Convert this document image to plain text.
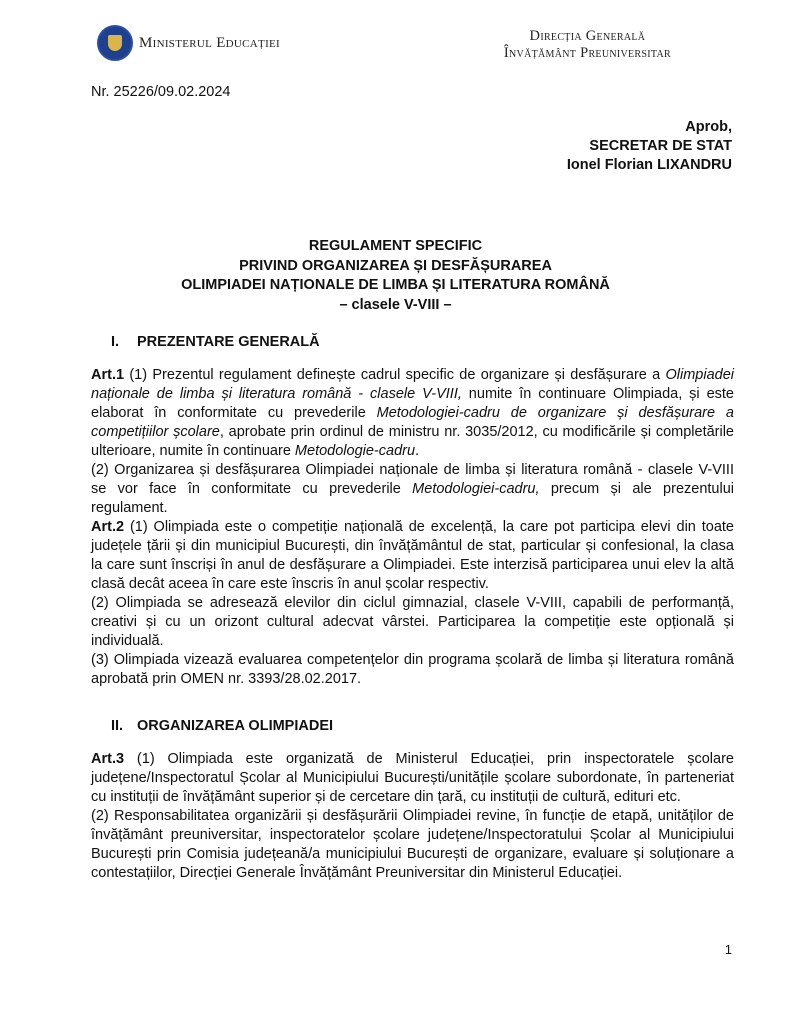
Ministerul Educației	Direcția Generală
Învățământ Preuniversitar
Nr. 25226/09.02.2024
Aprob,
SECRETAR DE STAT
Ionel Florian LIXANDRU
REGULAMENT SPECIFIC
PRIVIND ORGANIZAREA ȘI DESFĂȘURAREA
OLIMPIADEI NAȚIONALE DE LIMBA ȘI LITERATURA ROMÂNĂ
– clasele V-VIII –
I.	PREZENTARE GENERALĂ

Art.1 (1) Prezentul regulament definește cadrul specific de organizare și desfășurare a Olimpiadei naționale de limba și literatura română - clasele V-VIII, numite în continuare Olimpiada, și este elaborat în conformitate cu prevederile Metodologiei-cadru de organizare și desfășurare a competițiilor școlare, aprobate prin ordinul de ministru nr. 3035/2012, cu modificările și completările ulterioare, numite în continuare Metodologie-cadru.

(2) Organizarea și desfășurarea Olimpiadei naționale de limba și literatura română - clasele V-VIII se vor face în conformitate cu prevederile Metodologiei-cadru, precum și ale prezentului regulament.

Art.2 (1) Olimpiada este o competiție națională de excelență, la care pot participa elevi din toate județele țării și din municipiul București, din învățământul de stat, particular și confesional, la clasa la care sunt înscriși în anul de desfășurare a Olimpiadei. Este interzisă participarea unui elev la altă clasă decât aceea în care este înscris în anul școlar respectiv.

(2) Olimpiada se adresează elevilor din ciclul gimnazial, clasele V-VIII, capabili de performanță, creativi și cu un orizont cultural adecvat vârstei. Participarea la competiție este opțională și individuală.

(3) Olimpiada vizează evaluarea competențelor din programa școlară de limba și literatura română aprobată prin OMEN nr. 3393/28.02.2017.

II. ORGANIZAREA OLIMPIADEI

Art.3 (1) Olimpiada este organizată de Ministerul Educației, prin inspectoratele școlare județene/Inspectoratul Școlar al Municipiului București/unitățile școlare subordonate, în parteneriat cu instituții de învățământ superior și de cercetare din țară, cu instituții de cultură, edituri etc.

(2) Responsabilitatea organizării și desfășurării Olimpiadei revine, în funcție de etapă, unităților de învățământ preuniversitar, inspectoratelor școlare județene/Inspectoratului Școlar al Municipiului București prin Comisia județeană/a municipiului București de organizare, evaluare și soluționare a contestațiilor, Direcției Generale Învățământ Preuniversitar din Ministerul Educației.

1
